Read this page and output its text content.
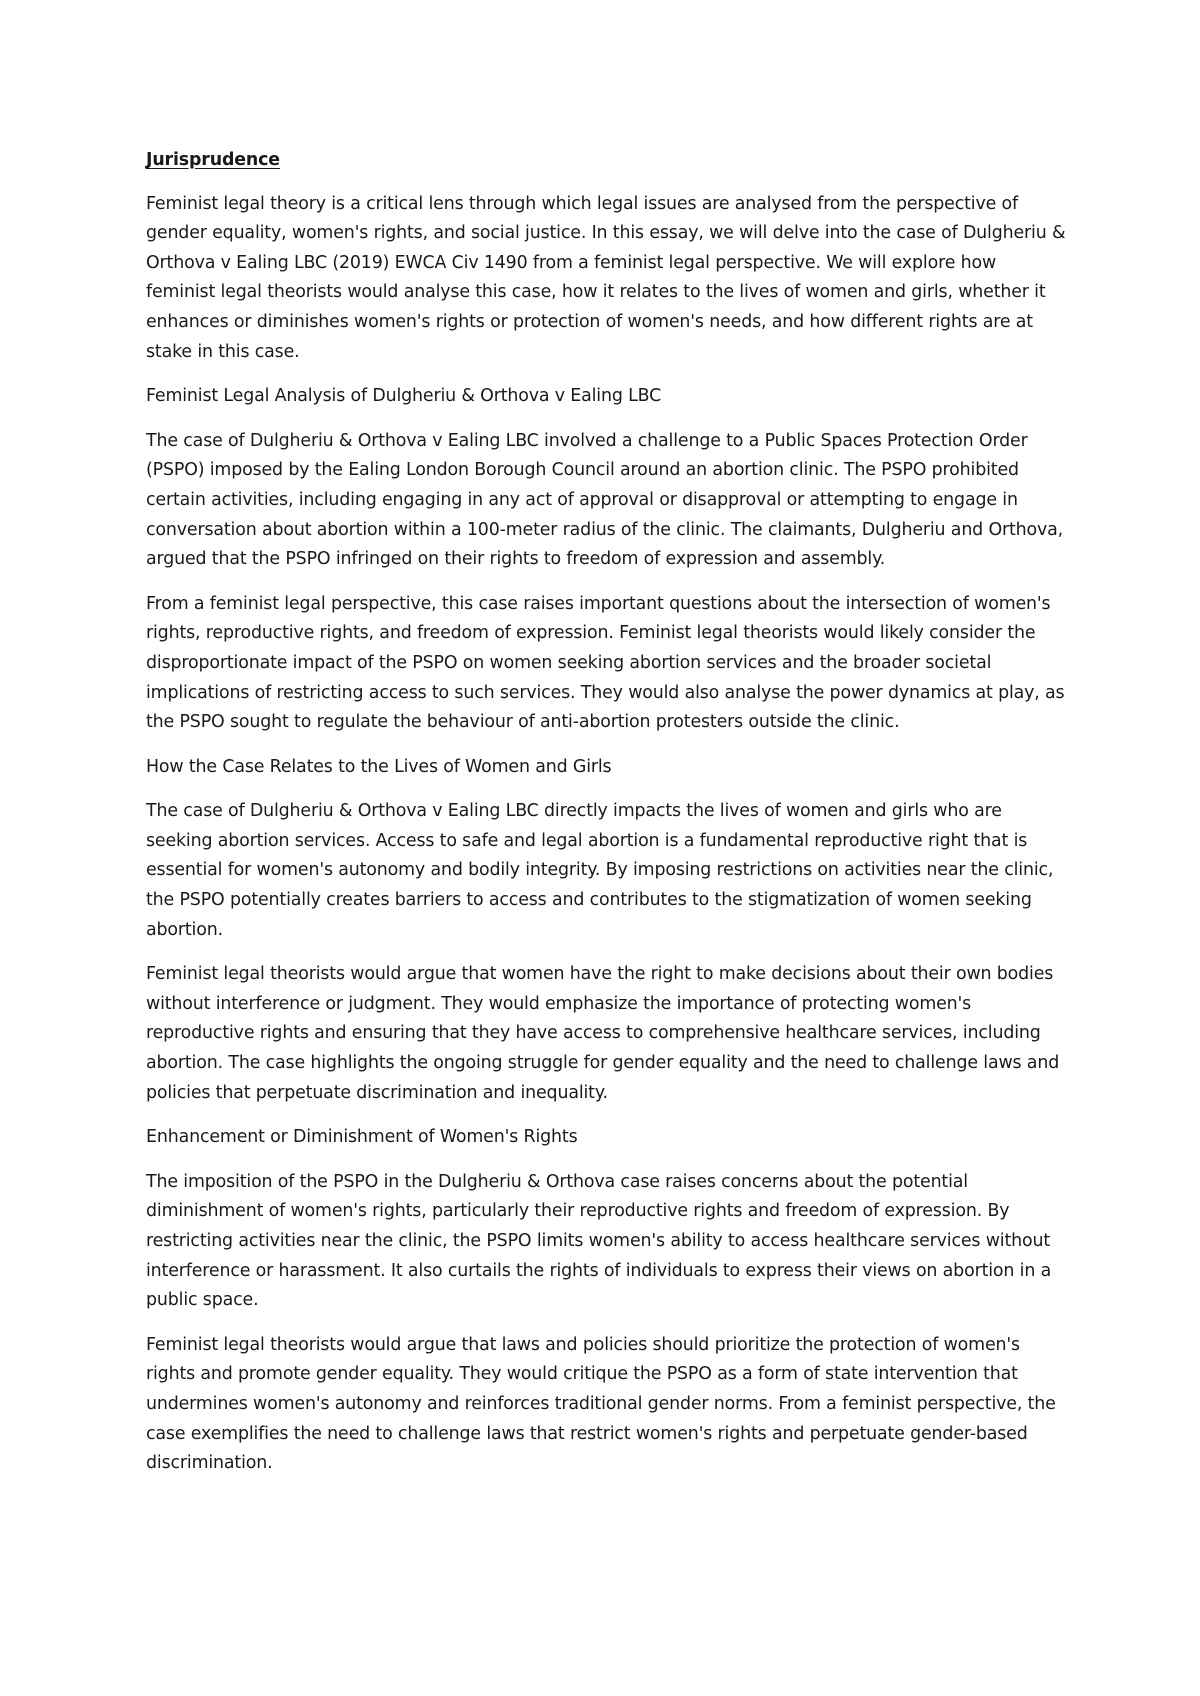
Jurisprudence

Feminist legal theory is a critical lens through which legal issues are analysed from the perspective of gender equality, women's rights, and social justice. In this essay, we will delve into the case of Dulgheriu & Orthova v Ealing LBC (2019) EWCA Civ 1490 from a feminist legal perspective. We will explore how feminist legal theorists would analyse this case, how it relates to the lives of women and girls, whether it enhances or diminishes women's rights or protection of women's needs, and how different rights are at stake in this case.

Feminist Legal Analysis of Dulgheriu & Orthova v Ealing LBC

The case of Dulgheriu & Orthova v Ealing LBC involved a challenge to a Public Spaces Protection Order (PSPO) imposed by the Ealing London Borough Council around an abortion clinic. The PSPO prohibited certain activities, including engaging in any act of approval or disapproval or attempting to engage in conversation about abortion within a 100-meter radius of the clinic. The claimants, Dulgheriu and Orthova, argued that the PSPO infringed on their rights to freedom of expression and assembly.

From a feminist legal perspective, this case raises important questions about the intersection of women's rights, reproductive rights, and freedom of expression. Feminist legal theorists would likely consider the disproportionate impact of the PSPO on women seeking abortion services and the broader societal implications of restricting access to such services. They would also analyse the power dynamics at play, as the PSPO sought to regulate the behaviour of anti-abortion protesters outside the clinic.

How the Case Relates to the Lives of Women and Girls

The case of Dulgheriu & Orthova v Ealing LBC directly impacts the lives of women and girls who are seeking abortion services. Access to safe and legal abortion is a fundamental reproductive right that is essential for women's autonomy and bodily integrity. By imposing restrictions on activities near the clinic, the PSPO potentially creates barriers to access and contributes to the stigmatization of women seeking abortion.

Feminist legal theorists would argue that women have the right to make decisions about their own bodies without interference or judgment. They would emphasize the importance of protecting women's reproductive rights and ensuring that they have access to comprehensive healthcare services, including abortion. The case highlights the ongoing struggle for gender equality and the need to challenge laws and policies that perpetuate discrimination and inequality.

Enhancement or Diminishment of Women's Rights

The imposition of the PSPO in the Dulgheriu & Orthova case raises concerns about the potential diminishment of women's rights, particularly their reproductive rights and freedom of expression. By restricting activities near the clinic, the PSPO limits women's ability to access healthcare services without interference or harassment. It also curtails the rights of individuals to express their views on abortion in a public space.

Feminist legal theorists would argue that laws and policies should prioritize the protection of women's rights and promote gender equality. They would critique the PSPO as a form of state intervention that undermines women's autonomy and reinforces traditional gender norms. From a feminist perspective, the case exemplifies the need to challenge laws that restrict women's rights and perpetuate gender-based discrimination.
